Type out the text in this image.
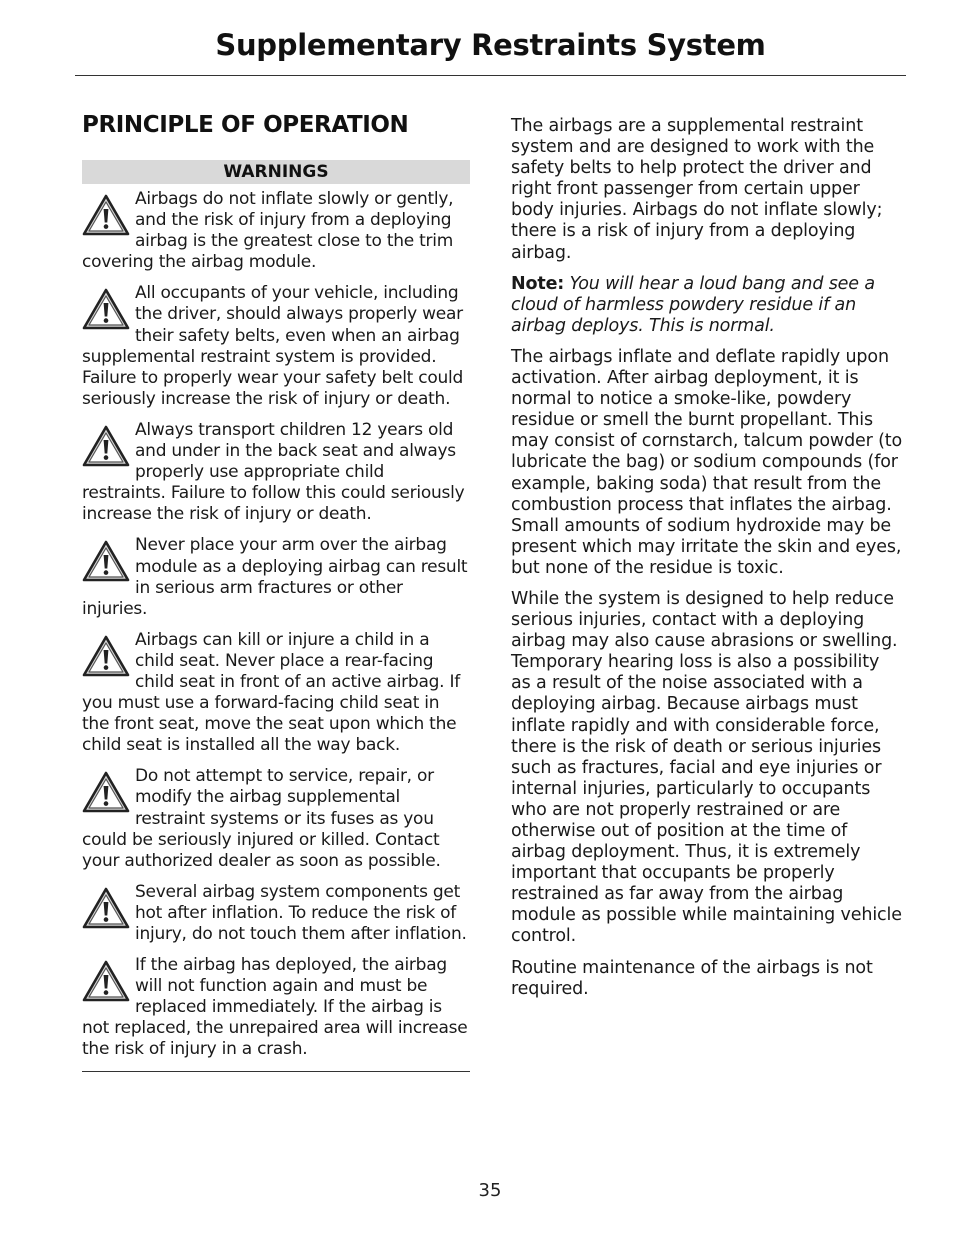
Supplementary Restraints System
PRINCIPLE OF OPERATION
WARNINGS

Airbags do not inflate slowly or gently, and the risk of injury from a deploying airbag is the greatest close to the trim covering the airbag module.

All occupants of your vehicle, including the driver, should always properly wear their safety belts, even when an airbag supplemental restraint system is provided. Failure to properly wear your safety belt could seriously increase the risk of injury or death.

Always transport children 12 years old and under in the back seat and always properly use appropriate child restraints. Failure to follow this could seriously increase the risk of injury or death.

Never place your arm over the airbag module as a deploying airbag can result in serious arm fractures or other injuries.

Airbags can kill or injure a child in a child seat. Never place a rear-facing child seat in front of an active airbag. If you must use a forward-facing child seat in the front seat, move the seat upon which the child seat is installed all the way back.

Do not attempt to service, repair, or modify the airbag supplemental restraint systems or its fuses as you could be seriously injured or killed. Contact your authorized dealer as soon as possible.

Several airbag system components get hot after inflation. To reduce the risk of injury, do not touch them after inflation.

If the airbag has deployed, the airbag will not function again and must be replaced immediately. If the airbag is not replaced, the unrepaired area will increase the risk of injury in a crash.

The airbags are a supplemental restraint system and are designed to work with the safety belts to help protect the driver and right front passenger from certain upper body injuries. Airbags do not inflate slowly; there is a risk of injury from a deploying airbag.

Note: You will hear a loud bang and see a cloud of harmless powdery residue if an airbag deploys. This is normal.

The airbags inflate and deflate rapidly upon activation. After airbag deployment, it is normal to notice a smoke-like, powdery residue or smell the burnt propellant. This may consist of cornstarch, talcum powder (to lubricate the bag) or sodium compounds (for example, baking soda) that result from the combustion process that inflates the airbag. Small amounts of sodium hydroxide may be present which may irritate the skin and eyes, but none of the residue is toxic.

While the system is designed to help reduce serious injuries, contact with a deploying airbag may also cause abrasions or swelling. Temporary hearing loss is also a possibility as a result of the noise associated with a deploying airbag. Because airbags must inflate rapidly and with considerable force, there is the risk of death or serious injuries such as fractures, facial and eye injuries or internal injuries, particularly to occupants who are not properly restrained or are otherwise out of position at the time of airbag deployment. Thus, it is extremely important that occupants be properly restrained as far away from the airbag module as possible while maintaining vehicle control.

Routine maintenance of the airbags is not required.

35
